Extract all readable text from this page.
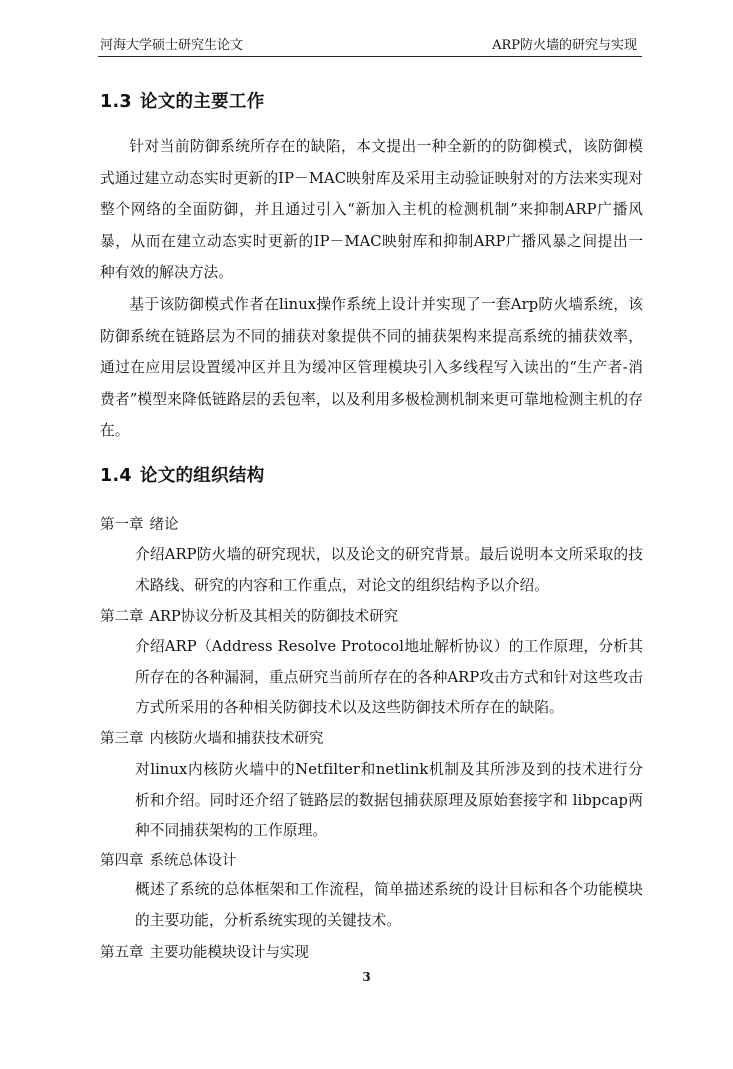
河海大学硕士研究生论文	ARP防火墙的研究与实现
1.3 论文的主要工作

针对当前防御系统所存在的缺陷，本文提出一种全新的的防御模式，该防御模式通过建立动态实时更新的IP－MAC映射库及采用主动验证映射对的方法来实现对整个网络的全面防御，并且通过引入“新加入主机的检测机制”来抑制ARP广播风暴，从而在建立动态实时更新的IP－MAC映射库和抑制ARP广播风暴之间提出一种有效的解决方法。

基于该防御模式作者在linux操作系统上设计并实现了一套Arp防火墙系统，该防御系统在链路层为不同的捕获对象提供不同的捕获架构来提高系统的捕获效率，通过在应用层设置缓冲区并且为缓冲区管理模块引入多线程写入读出的“生产者-消费者”模型来降低链路层的丢包率，以及利用多极检测机制来更可靠地检测主机的存在。

1.4 论文的组织结构

第一章 绪论

介绍ARP防火墙的研究现状，以及论文的研究背景。最后说明本文所采取的技术路线、研究的内容和工作重点，对论文的组织结构予以介绍。

第二章 ARP协议分析及其相关的防御技术研究

介绍ARP（Address Resolve Protocol地址解析协议）的工作原理，分析其所存在的各种漏洞，重点研究当前所存在的各种ARP攻击方式和针对这些攻击方式所采用的各种相关防御技术以及这些防御技术所存在的缺陷。

第三章 内核防火墙和捕获技术研究

对linux内核防火墙中的Netfilter和netlink机制及其所涉及到的技术进行分析和介绍。同时还介绍了链路层的数据包捕获原理及原始套接字和 libpcap两种不同捕获架构的工作原理。

第四章 系统总体设计

概述了系统的总体框架和工作流程，简单描述系统的设计目标和各个功能模块的主要功能，分析系统实现的关键技术。

第五章 主要功能模块设计与实现

3
